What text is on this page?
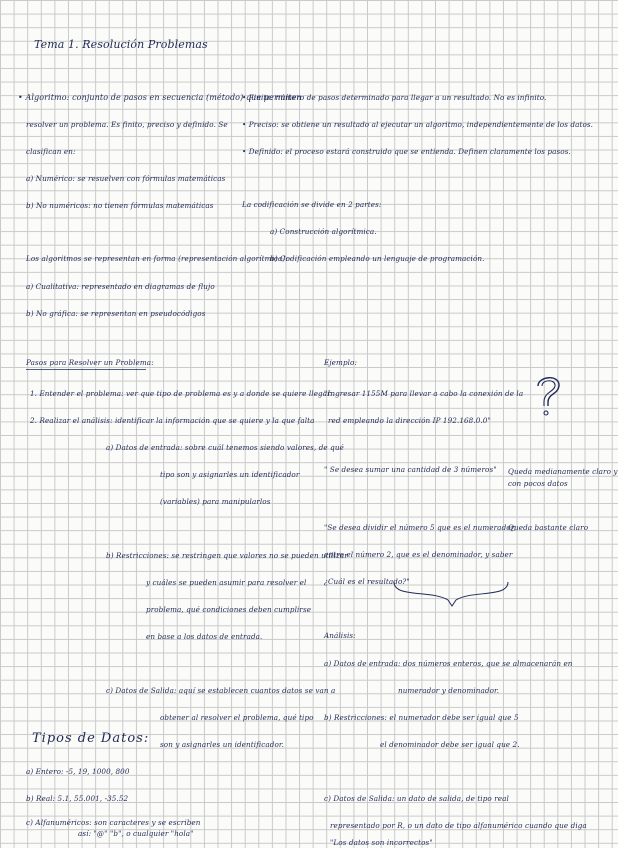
Tema 1. Resolución Problemas
• Algoritmo: conjunto de pasos en secuencia (método) que permiten
resolver un problema. Es finito, preciso y definido. Se
clasifican en:
a) Numérico: se resuelven con fórmulas matemáticas
b) No numéricos: no tienen fórmulas matemáticas
Los algoritmos se representan en forma (representación algorítmica):
a) Cualitativa: representado en diagramas de flujo
b) No gráfica: se representan en pseudocódigos
• Finito: número de pasos determinado para llegar a un resultado. No es infinito.
• Preciso: se obtiene un resultado al ejecutar un algoritmo, independientemente de los datos.
• Definido: el proceso estará construido que se entienda. Definen claramente los pasos.
La codificación se divide en 2 partes:
a) Construcción algorítmica.
b) Codificación empleando un lenguaje de programación.
Pasos para Resolver un Problema:
1. Entender el problema: ver que tipo de problema es y a donde se quiere llegar.
2. Realizar el análisis: identificar la información que se quiere y la que falta
a) Datos de entrada: sobre cuál tenemos siendo valores, de qué
tipo son y asignarles un identificador
(variables) para manipularlos
b) Restricciones: se restringen que valores no se pueden utilizar
y cuáles se pueden asumir para resolver el
problema, qué condiciones deben cumplirse
en base a los datos de entrada.
c) Datos de Salida: aquí se establecen cuantos datos se van a
obtener al resolver el problema, qué tipo
son y asignarles un identificador.
Tipos de Datos:
a) Entero: -5, 19, 1000, 800
b) Real: 5.1, 55.001, -35.52
c) Alfanuméricos: son caracteres y se escriben
así: "@" "b", o cualquier "hola"
Ejemplo:
"Ingresar 1155M para llevar a cabo la conexión de la
red empleando la dirección IP 192.168.0.0"
" Se desea sumar una cantidad de 3 números" Queda medianamente claro y
con pocos datos
"Se desea dividir el número 5 que es el numerador,
Queda bastante claro
entre el número 2, que es el denominador, y saber
¿Cuál es el resultado?"
Análisis:
a) Datos de entrada: dos números enteros, que se almacenarán en
numerador y denominador.
b) Restricciones: el numerador debe ser igual que 5
el denominador debe ser igual que 2.
c) Datos de Salida: un dato de salida, de tipo real
representado por R, o un dato de tipo alfanumérico cuando que diga
"Los datos son incorrectos"
